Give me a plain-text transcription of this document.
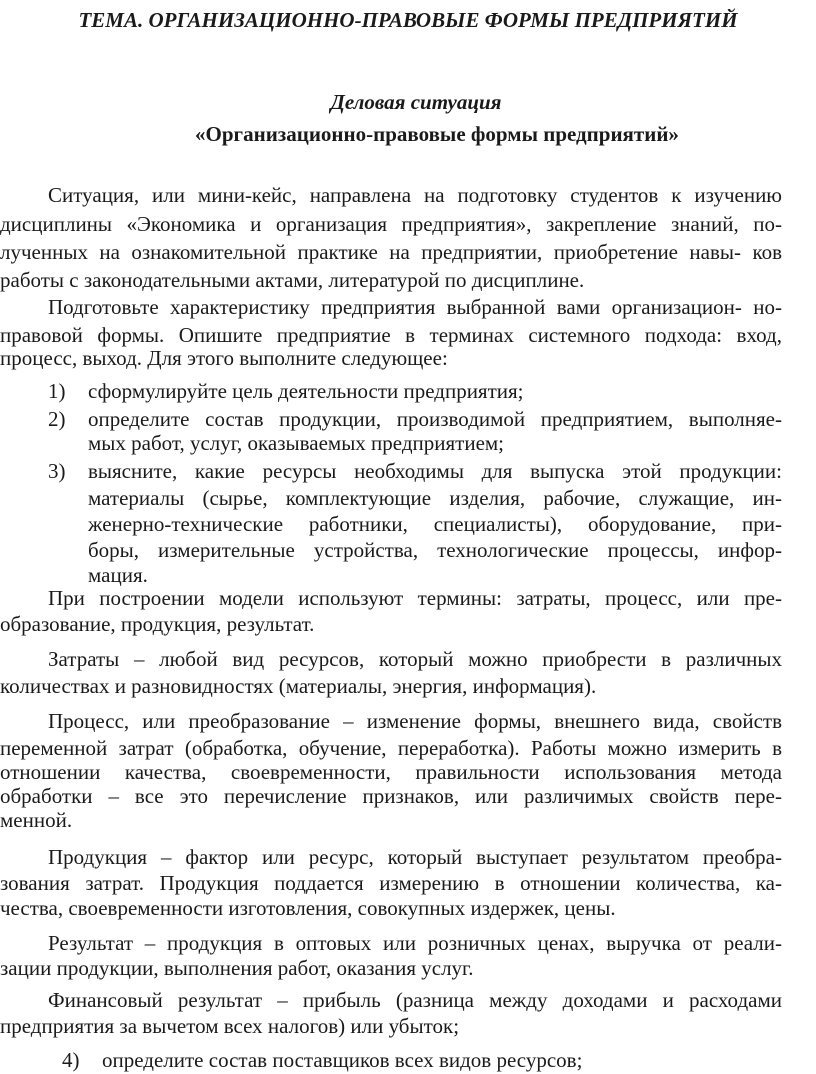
ТЕМА. ОРГАНИЗАЦИОННО-ПРАВОВЫЕ ФОРМЫ ПРЕДПРИЯТИЙ
Деловая ситуация
«Организационно-правовые формы предприятий»
Ситуация, или мини-кейс, направлена на подготовку студентов к изучению
дисциплины «Экономика и организация предприятия», закрепление знаний, по-
лученных на ознакомительной практике на предприятии, приобретение навы- ков
работы с законодательными актами, литературой по дисциплине.
Подготовьте характеристику предприятия выбранной вами организацион- но-
правовой формы. Опишите предприятие в терминах системного подхода: вход,
процесс, выход. Для этого выполните следующее:
1) сформулируйте цель деятельности предприятия;
2) определите состав продукции, производимой предприятием, выполняе-
мых работ, услуг, оказываемых предприятием;
3) выясните, какие ресурсы необходимы для выпуска этой продукции:
материалы (сырье, комплектующие изделия, рабочие, служащие, ин-
женерно-технические работники, специалисты), оборудование, при-
боры, измерительные устройства, технологические процессы, инфор-
мация.
При построении модели используют термины: затраты, процесс, или пре-
образование, продукция, результат.
Затраты – любой вид ресурсов, который можно приобрести в различных
количествах и разновидностях (материалы, энергия, информация).
Процесс, или преобразование – изменение формы, внешнего вида, свойств
переменной затрат (обработка, обучение, переработка). Работы можно измерить в
отношении качества, своевременности, правильности использования метода
обработки – все это перечисление признаков, или различимых свойств пере-
менной.
Продукция – фактор или ресурс, который выступает результатом преобра-
зования затрат. Продукция поддается измерению в отношении количества, ка-
чества, своевременности изготовления, совокупных издержек, цены.
Результат – продукция в оптовых или розничных ценах, выручка от реали-
зации продукции, выполнения работ, оказания услуг.
Финансовый результат – прибыль (разница между доходами и расходами
предприятия за вычетом всех налогов) или убыток;
4) определите состав поставщиков всех видов ресурсов;
